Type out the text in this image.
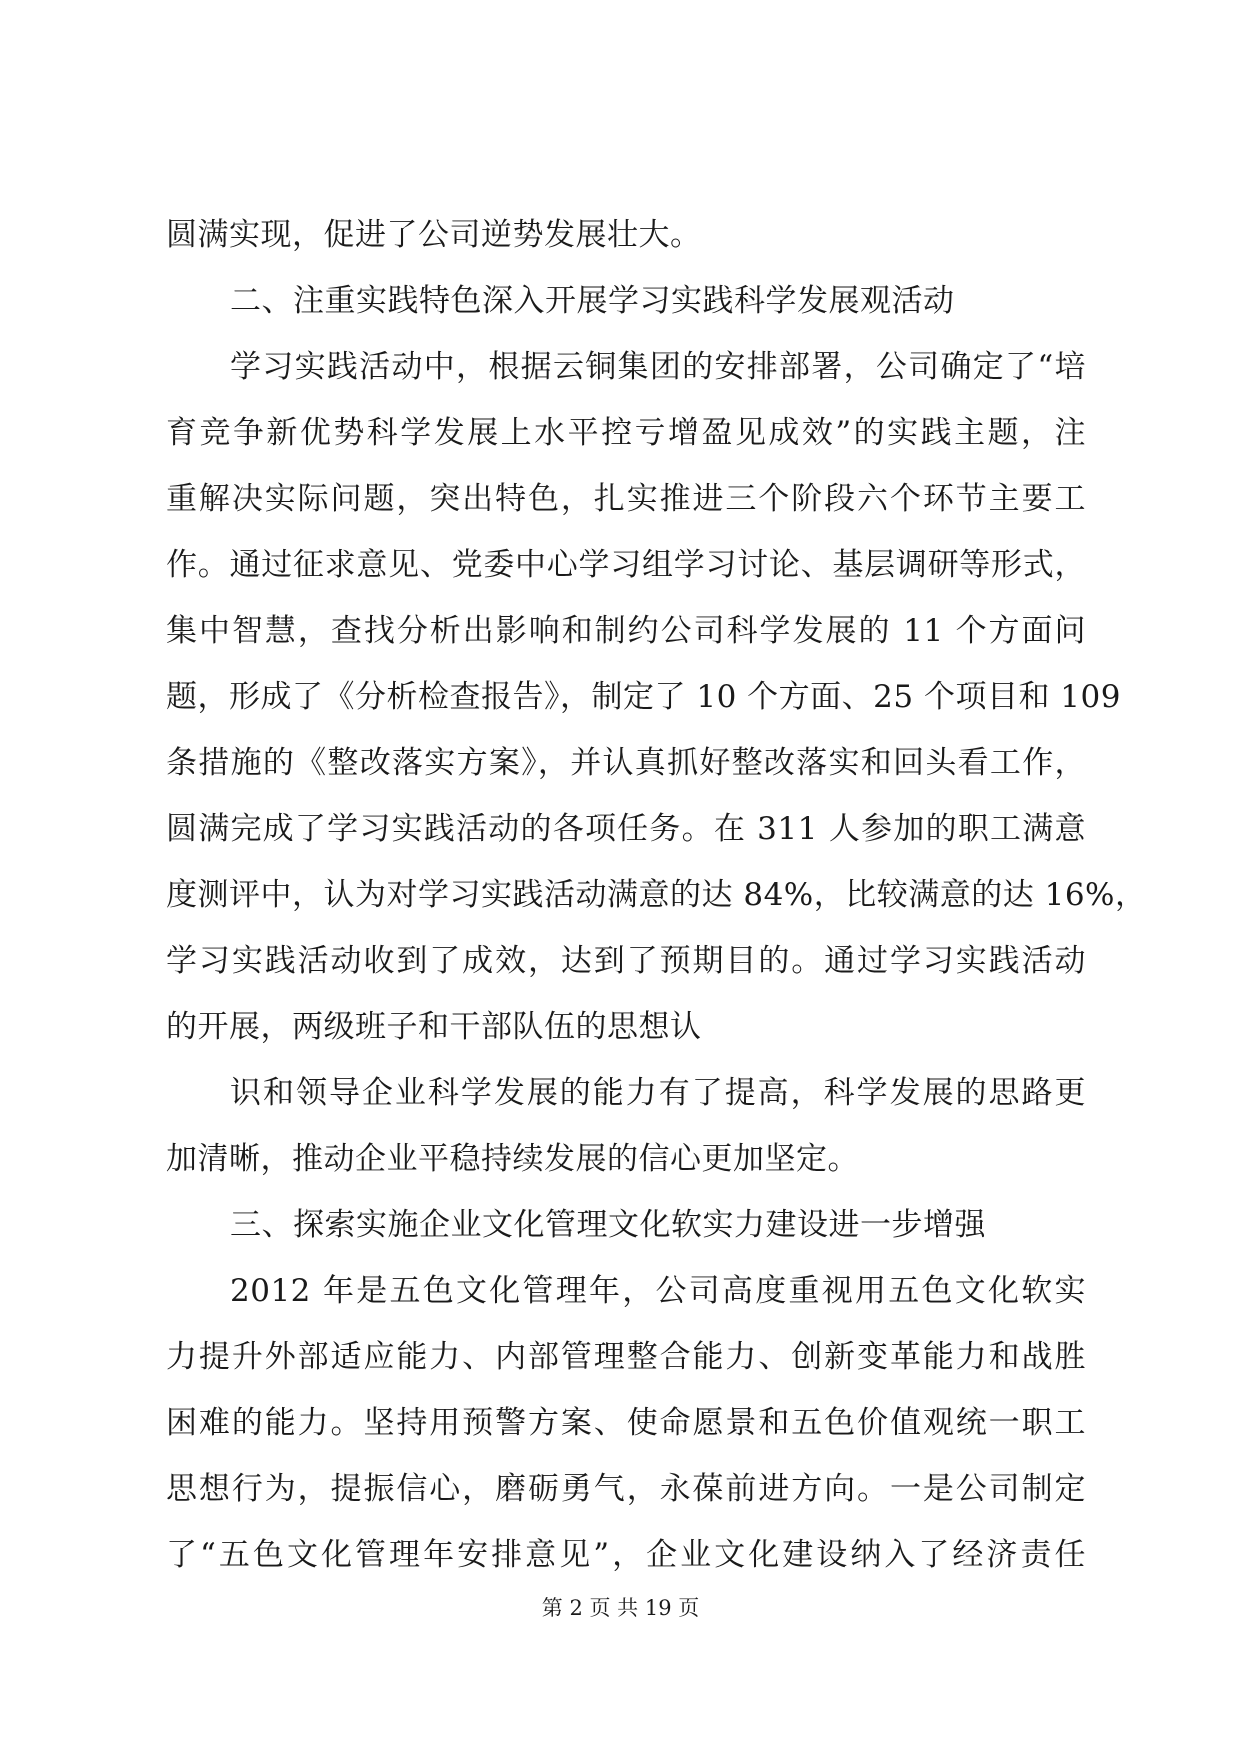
圆满实现，促进了公司逆势发展壮大。
二、注重实践特色深入开展学习实践科学发展观活动
学习实践活动中，根据云铜集团的安排部署，公司确定了“培
育竞争新优势科学发展上水平控亏增盈见成效”的实践主题，注
重解决实际问题，突出特色，扎实推进三个阶段六个环节主要工
作。通过征求意见、党委中心学习组学习讨论、基层调研等形式，
集中智慧，查找分析出影响和制约公司科学发展的 11 个方面问
题，形成了《分析检查报告》，制定了 10 个方面、25 个项目和 109
条措施的《整改落实方案》，并认真抓好整改落实和回头看工作，
圆满完成了学习实践活动的各项任务。在 311 人参加的职工满意
度测评中，认为对学习实践活动满意的达 84%，比较满意的达 16%，
学习实践活动收到了成效，达到了预期目的。通过学习实践活动
的开展，两级班子和干部队伍的思想认
识和领导企业科学发展的能力有了提高，科学发展的思路更
加清晰，推动企业平稳持续发展的信心更加坚定。
三、探索实施企业文化管理文化软实力建设进一步增强
2012 年是五色文化管理年，公司高度重视用五色文化软实
力提升外部适应能力、内部管理整合能力、创新变革能力和战胜
困难的能力。坚持用预警方案、使命愿景和五色价值观统一职工
思想行为，提振信心，磨砺勇气，永葆前进方向。一是公司制定
了“五色文化管理年安排意见”，企业文化建设纳入了经济责任
第 2 页 共 19 页
